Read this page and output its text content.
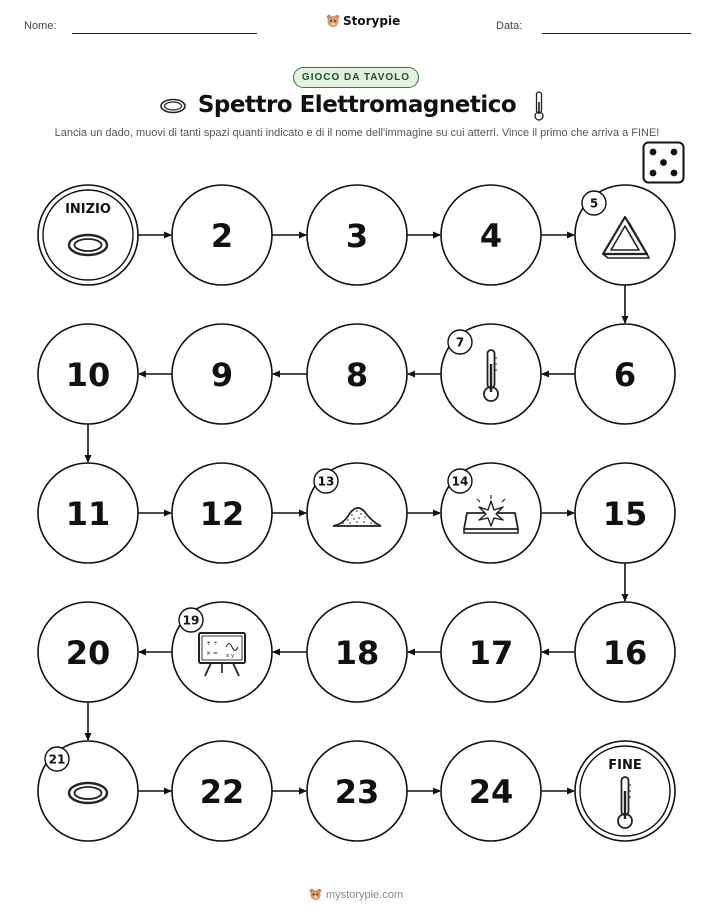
Nome:	Storypie	Data:
GIOCO DA TAVOLO
Spettro Elettromagnetico
Lancia un dado, muovi di tanti spazi quanti indicato e di il nome dell'immagine su cui atterri. Vince il primo che arriva a FINE!
INIZIO
2	3	4
5
6
7
8
9
10
11	12
13	14
15
16
17
18
19
20
21
22	23	24
FINE
mystorypie.com
